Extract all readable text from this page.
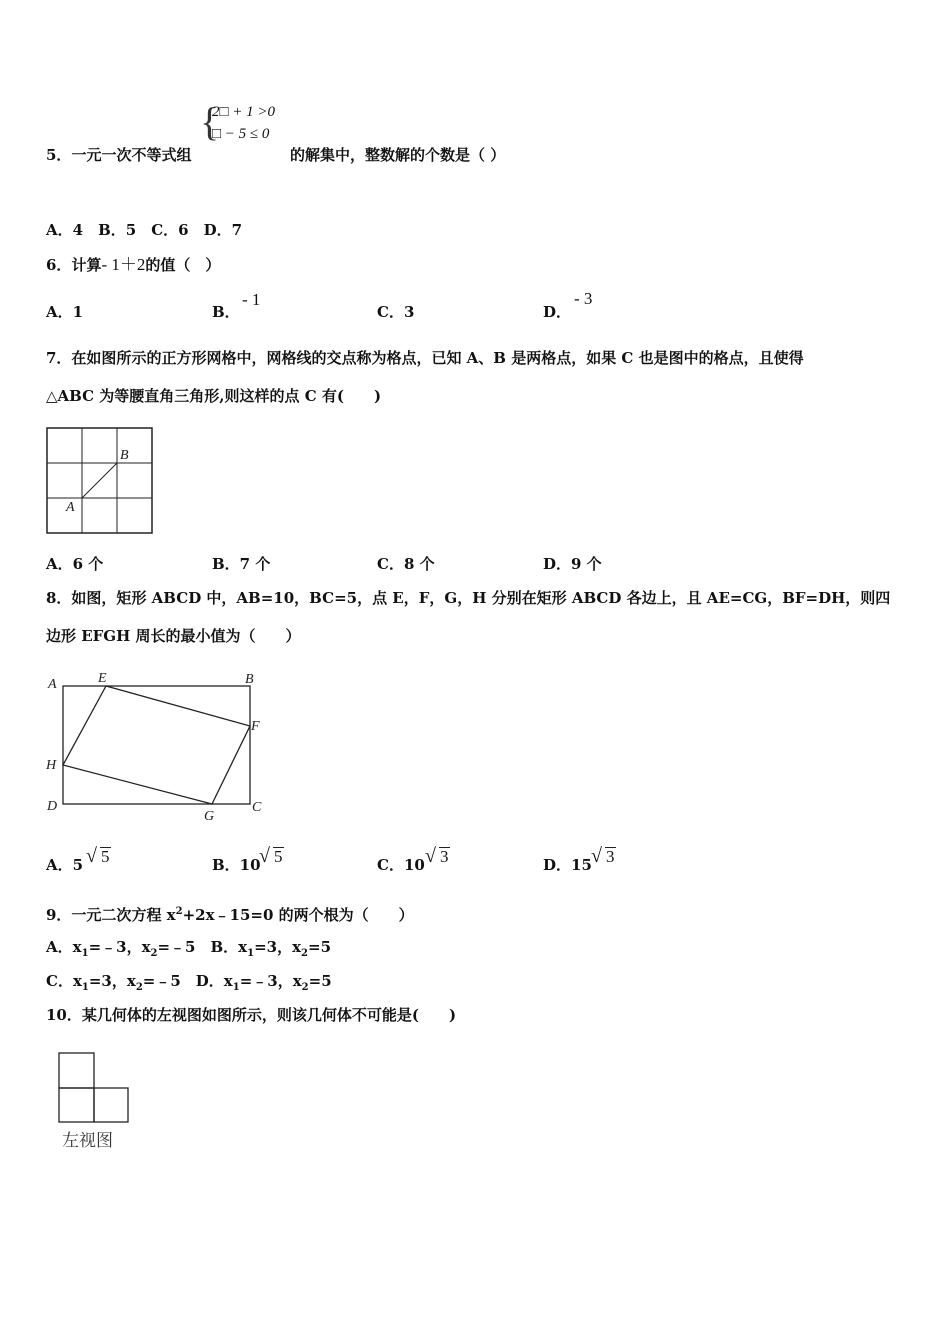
{
2□ + 1 >0
□ − 5 ≤ 0
5．一元一次不等式组	的解集中，整数解的个数是（ ）
A．4　B．5　C．6　D．7
6．计算- 1＋2的值（　）
A．1	B．
- 1
C．3	D．
- 3
7．在如图所示的正方形网格中，网格线的交点称为格点，已知 A、B 是两格点，如果 C 也是图中的格点，且使得
△ABC 为等腰直角三角形,则这样的点 C 有(　　)
B
A
A．6 个	B．7 个	C．8 个	D．9 个
8．如图，矩形 ABCD 中，AB=10，BC=5，点 E，F，G，H 分别在矩形 ABCD 各边上，且 AE=CG，BF=DH，则四
边形 EFGH 周长的最小值为（　　）
A	E	B
F
H
D
G
C
A．5 √ 5	B．10
√ 5	C．10 √ 3	D．15 √ 3
9．一元二次方程 $x^2+2x﹣15=0$ 的两个根为（　　）
A．$x_1=﹣3$，$x_2=﹣5$　B．$x_1=3$，$x_2=5$
C．$x_1=3$，$x_2=﹣5$　D．$x_1=﹣3$，$x_2=5$
10．某几何体的左视图如图所示，则该几何体不可能是(　　)
左视图
